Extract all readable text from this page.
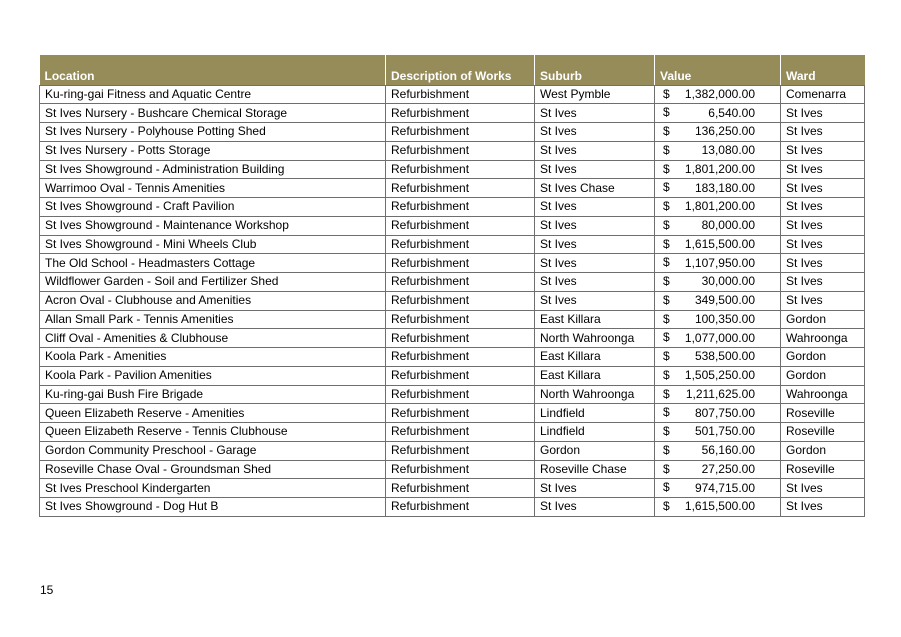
Location	Description of Works	Suburb	Value	Ward
Ku-ring-gai Fitness and Aquatic Centre	Refurbishment	West Pymble	$ 1,382,000.00	Comenarra
St Ives Nursery - Bushcare Chemical Storage	Refurbishment	St Ives	$ 6,540.00	St Ives
St Ives Nursery - Polyhouse Potting Shed	Refurbishment	St Ives	$ 136,250.00	St Ives
St Ives Nursery - Potts Storage	Refurbishment	St Ives	$ 13,080.00	St Ives
St Ives Showground - Administration Building	Refurbishment	St Ives	$ 1,801,200.00	St Ives
Warrimoo Oval - Tennis Amenities	Refurbishment	St Ives Chase	$ 183,180.00	St Ives
St Ives Showground - Craft Pavilion	Refurbishment	St Ives	$ 1,801,200.00	St Ives
St Ives Showground - Maintenance Workshop	Refurbishment	St Ives	$ 80,000.00	St Ives
St Ives Showground - Mini Wheels Club	Refurbishment	St Ives	$ 1,615,500.00	St Ives
The Old School - Headmasters Cottage	Refurbishment	St Ives	$ 1,107,950.00	St Ives
Wildflower Garden - Soil and Fertilizer Shed	Refurbishment	St Ives	$ 30,000.00	St Ives
Acron Oval - Clubhouse and Amenities	Refurbishment	St Ives	$ 349,500.00	St Ives
Allan Small Park - Tennis Amenities	Refurbishment	East Killara	$ 100,350.00	Gordon
Cliff Oval - Amenities & Clubhouse	Refurbishment	North Wahroonga	$ 1,077,000.00	Wahroonga
Koola Park - Amenities	Refurbishment	East Killara	$ 538,500.00	Gordon
Koola Park - Pavilion Amenities	Refurbishment	East Killara	$ 1,505,250.00	Gordon
Ku-ring-gai Bush Fire Brigade	Refurbishment	North Wahroonga	$ 1,211,625.00	Wahroonga
Queen Elizabeth Reserve - Amenities	Refurbishment	Lindfield	$ 807,750.00	Roseville
Queen Elizabeth Reserve - Tennis Clubhouse	Refurbishment	Lindfield	$ 501,750.00	Roseville
Gordon Community Preschool - Garage	Refurbishment	Gordon	$ 56,160.00	Gordon
Roseville Chase Oval - Groundsman Shed	Refurbishment	Roseville Chase	$ 27,250.00	Roseville
St Ives Preschool Kindergarten	Refurbishment	St Ives	$ 974,715.00	St Ives
St Ives Showground - Dog Hut B	Refurbishment	St Ives	$ 1,615,500.00	St Ives
15
